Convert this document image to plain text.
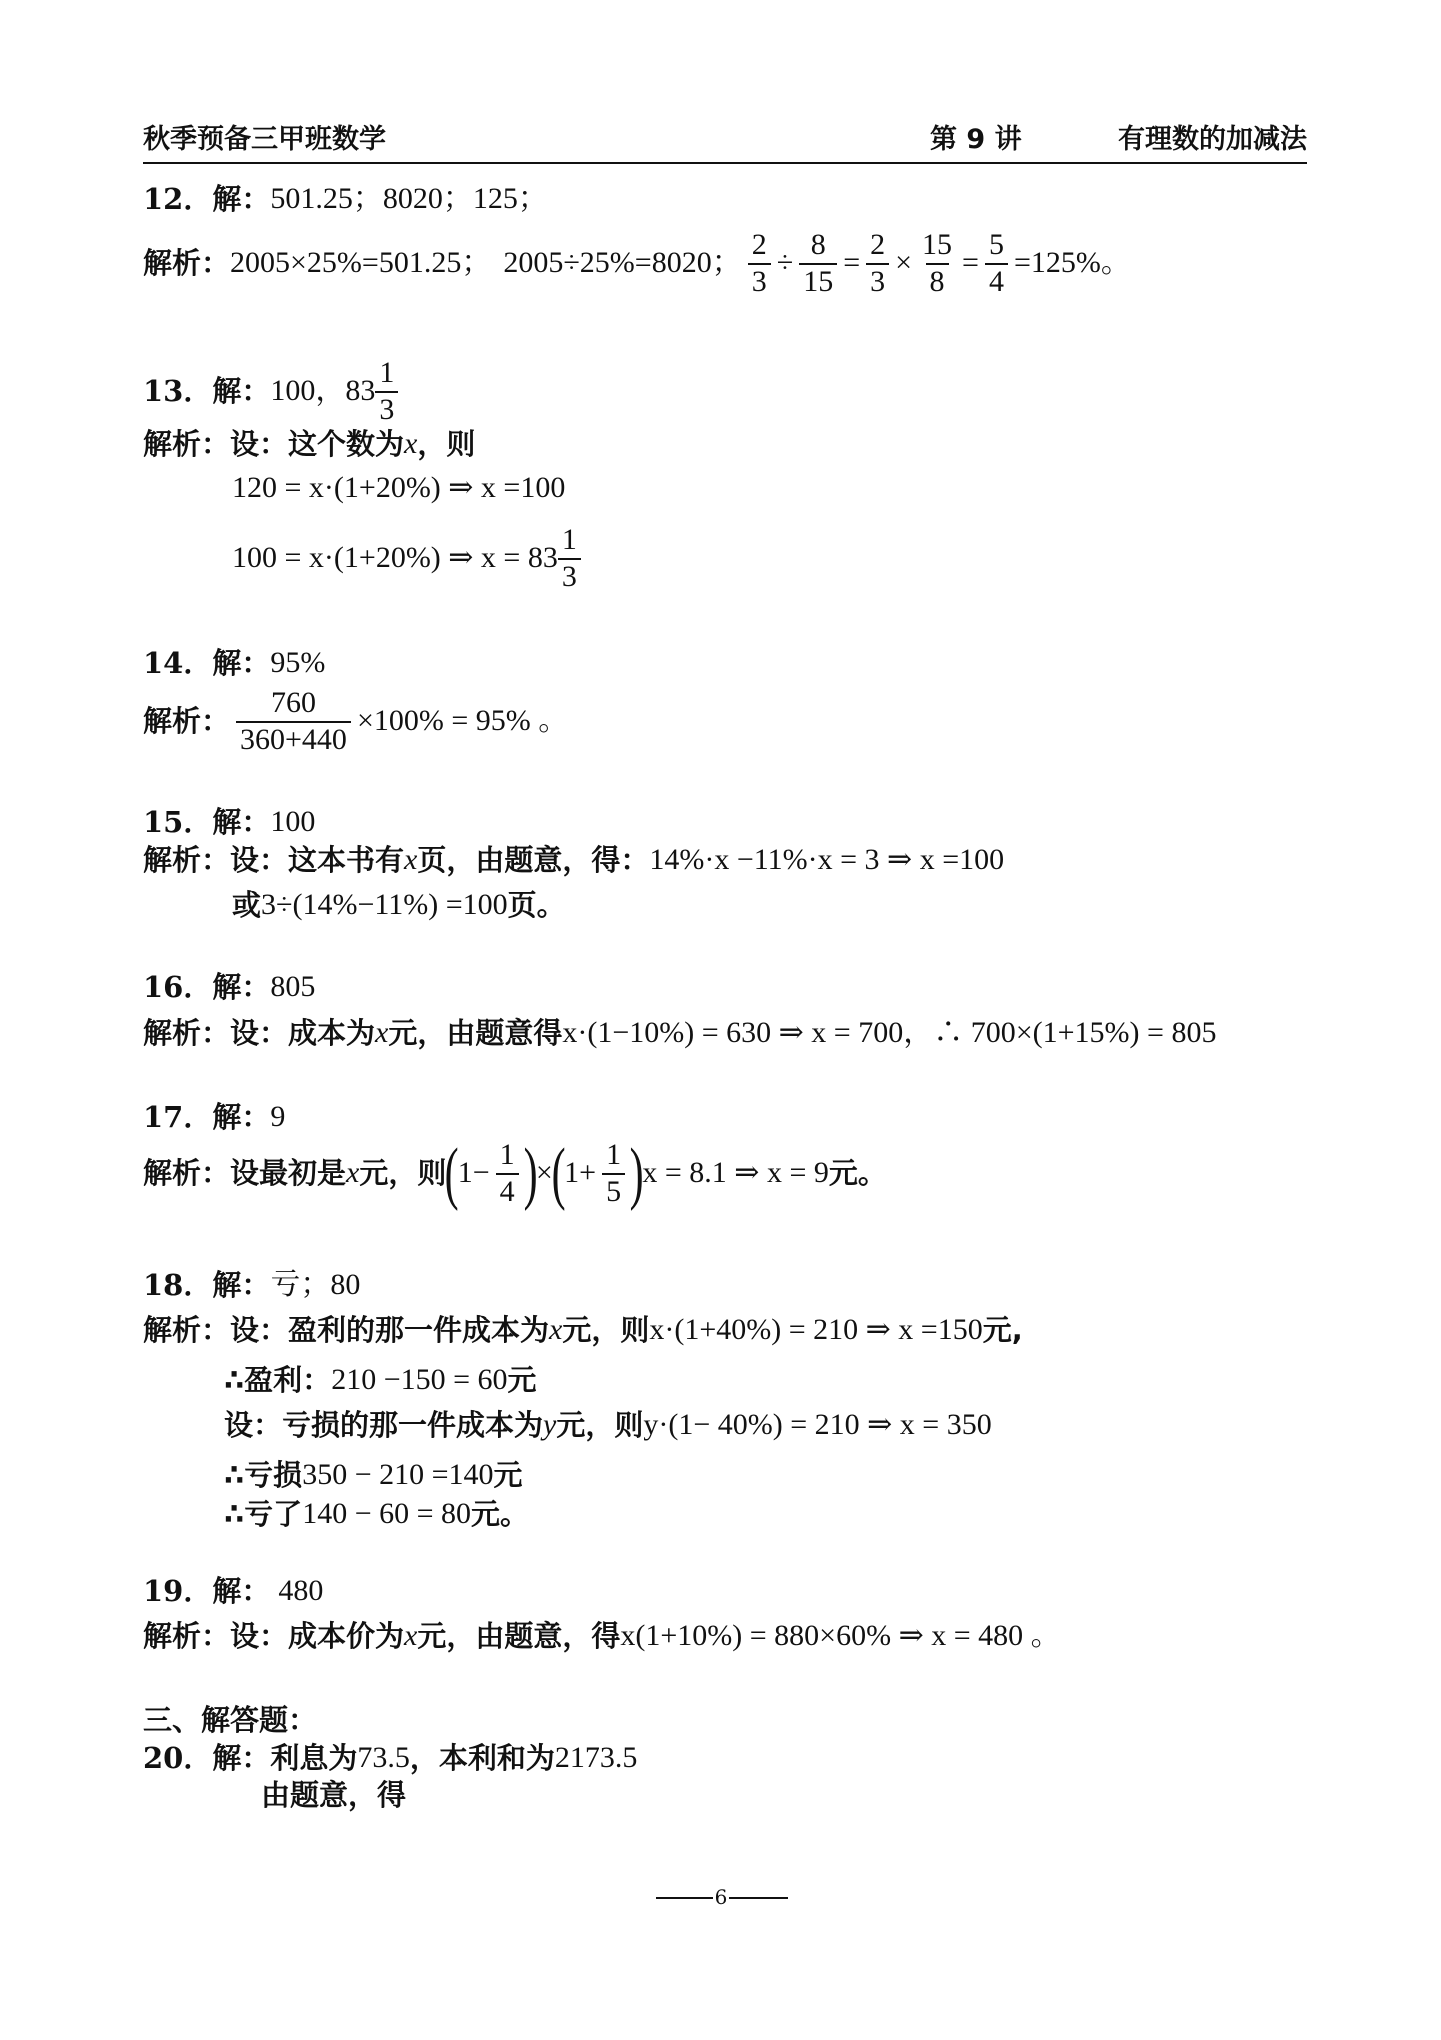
秋季预备三甲班数学	第 9 讲	有理数的加减法
12 ．解： 501.25；8020；125；
解析： 2005×25%=501.25； 2005÷25%=8020； $\frac{2}{3} \div \frac{8}{15} = \frac{2}{3} \times \frac{15}{8} = \frac{5}{4} =125\%$。
13 ．解： 100，$83 \frac{1}{3}$
解析： 设：这个数为 x ，则
120 = x·(1+20%) ⇒ x =100
100 = x·(1+20%) ⇒ $x = 83 \frac{1}{3}$
14 ．解： 95%
解析： $\frac{760}{360+440} \times 100\% = 95\%$ 。
15 ．解： 100
解析： 设：这本书有 x 页，由题意，得： 14%·x −11%·x = 3 ⇒ x =100
或 3÷(14%−11%) =100 页。
16 ．解： 805
解析： 设：成本为 x 元，由题意得 x·(1−10%) = 630 ⇒ x = 700，∴ 700×(1+15%) = 805
17 ．解： 9
解析： 设最初是 x 元，则
(
$1- \frac{1}{4}$ )
×
(
$1+ \frac{1}{5}$ )
x = 8.1 ⇒ x = 9 元。
18 ．解： 亏；80
解析： 设：盈利的那一件成本为 x 元，则 x·(1+40%) = 210 ⇒ x =150 元,
∴盈利： 210 −150 = 60 元
设：亏损的那一件成本为 y 元，则 y·(1− 40%) = 210 ⇒ x = 350
∴亏损 350 − 210 =140 元
∴亏了 140 − 60 = 80 元。
19 ．解： 480
解析： 设：成本价为 x 元，由题意，得 x(1+10%) = 880×60% ⇒ x = 480 。
三、解答题：
20 ．解： 利息为 73.5 ，本利和为 2173.5
由题意，得
6
